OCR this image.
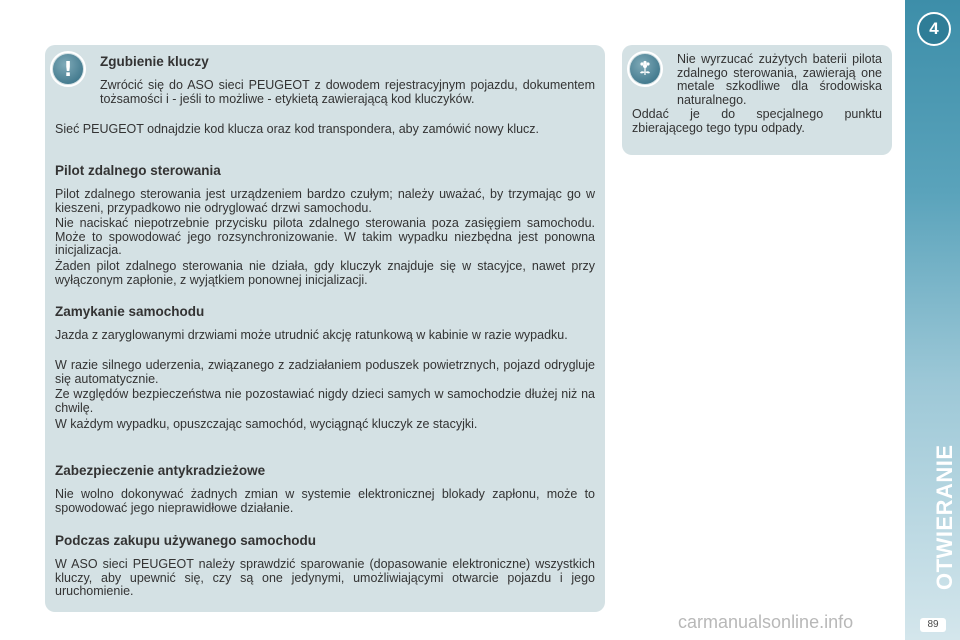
!	Zgubienie kluczy

Zwrócić się do ASO sieci PEUGEOT z dowodem rejestracyjnym pojazdu, dokumentem tożsamości i - jeśli to możliwe - etykietą zawierającą kod kluczyków.

Sieć PEUGEOT odnajdzie kod klucza oraz kod transpondera, aby zamówić nowy klucz.

Pilot zdalnego sterowania

Pilot zdalnego sterowania jest urządzeniem bardzo czułym; należy uważać, by trzymając go w kieszeni, przypadkowo nie odryglować drzwi samochodu.

Nie naciskać niepotrzebnie przycisku pilota zdalnego sterowania poza zasięgiem samochodu. Może to spowodować jego rozsynchronizowanie. W takim wypadku niezbędna jest ponowna inicjalizacja.

Żaden pilot zdalnego sterowania nie działa, gdy kluczyk znajduje się w stacyjce, nawet przy wyłączonym zapłonie, z wyjątkiem ponownej inicjalizacji.

Zamykanie samochodu

Jazda z zaryglowanymi drzwiami może utrudnić akcję ratunkową w kabinie w razie wypadku.

W razie silnego uderzenia, związanego z zadziałaniem poduszek powietrznych, pojazd odrygluje się automatycznie.

Ze względów bezpieczeństwa nie pozostawiać nigdy dzieci samych w samochodzie dłużej niż na chwilę.

W każdym wypadku, opuszczając samochód, wyciągnąć kluczyk ze stacyjki.

Zabezpieczenie antykradzieżowe

Nie wolno dokonywać żadnych zmian w systemie elektronicznej blokady zapłonu, może to spowodować jego nieprawidłowe działanie.

Podczas zakupu używanego samochodu

W ASO sieci PEUGEOT należy sprawdzić sparowanie (dopasowanie elektroniczne) wszystkich kluczy, aby upewnić się, czy są one jedynymi, umożliwiającymi otwarcie pojazdu i jego uruchomienie.

Nie wyrzucać zużytych baterii pilota zdalnego sterowania, zawierają one metale szkodliwe dla środowiska naturalnego.

Oddać je do specjalnego punktu zbierającego tego typu odpady.

4
OTWIERANIE
89
carmanualsonline.info
